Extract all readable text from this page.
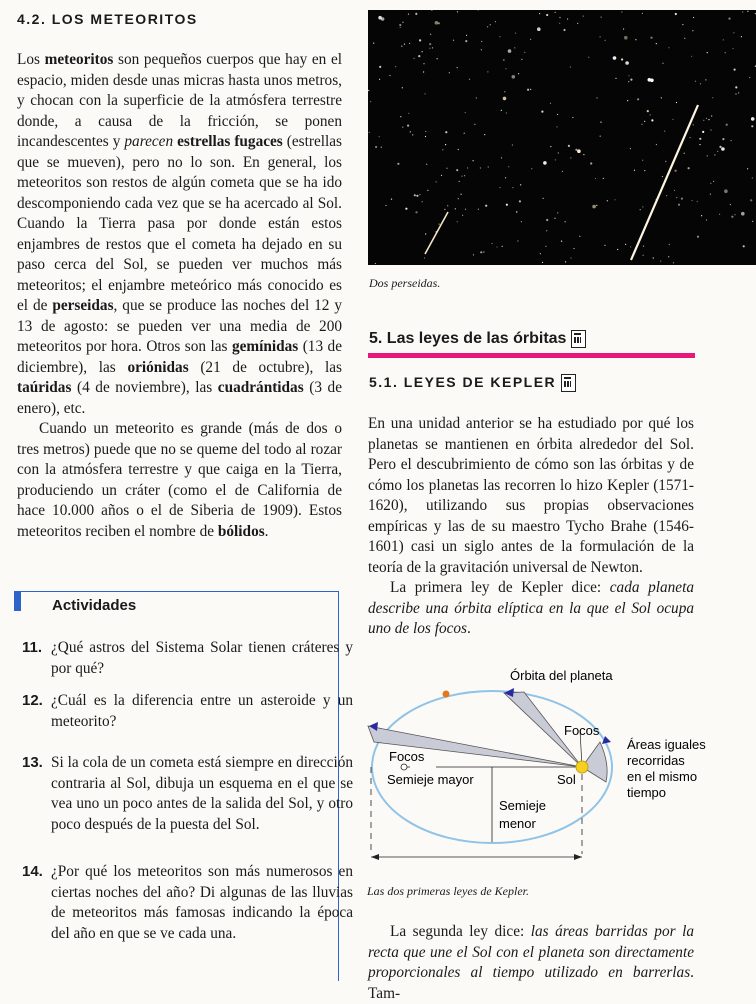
4.2. LOS METEORITOS

Los meteoritos son pequeños cuerpos que hay en el espacio, miden desde unas micras hasta unos metros, y chocan con la superficie de la atmósfera terrestre donde, a causa de la fricción, se ponen incandescentes y parecen estrellas fugaces (estrellas que se mueven), pero no lo son. En general, los meteoritos son restos de algún cometa que se ha ido descomponiendo cada vez que se ha acercado al Sol. Cuando la Tierra pasa por donde están estos enjambres de restos que el cometa ha dejado en su paso cerca del Sol, se pueden ver muchos más meteoritos; el enjambre meteórico más conocido es el de perseidas, que se produce las noches del 12 y 13 de agosto: se pueden ver una media de 200 meteoritos por hora. Otros son las gemínidas (13 de diciembre), las oriónidas (21 de octubre), las taúridas (4 de noviembre), las cuadrántidas (3 de enero), etc.

Cuando un meteorito es grande (más de dos o tres metros) puede que no se queme del todo al rozar con la atmósfera terrestre y que caiga en la Tierra, produciendo un cráter (como el de California de hace 10.000 años o el de Siberia de 1909). Estos meteoritos reciben el nombre de bólidos.

Actividades
11. ¿Qué astros del Sistema Solar tienen cráteres y por qué?
12. ¿Cuál es la diferencia entre un asteroide y un meteorito?
13. Si la cola de un cometa está siempre en dirección contraria al Sol, dibuja un esquema en el que se vea uno un poco antes de la salida del Sol, y otro poco después de la puesta del Sol.
14. ¿Por qué los meteoritos son más numerosos en ciertas noches del año? Di algunas de las lluvias de meteoritos más famosas indicando la época del año en que se ve cada una.
Dos perseidas.
5. Las leyes de las órbitas
5.1. LEYES DE KEPLER

En una unidad anterior se ha estudiado por qué los planetas se mantienen en órbita alrededor del Sol. Pero el descubrimiento de cómo son las órbitas y de cómo los planetas las recorren lo hizo Kepler (1571-1620), utilizando sus propias observaciones empíricas y las de su maestro Tycho Brahe (1546-1601) casi un siglo antes de la formulación de la teoría de la gravitación universal de Newton.

La primera ley de Kepler dice: cada planeta describe una órbita elíptica en la que el Sol ocupa uno de los focos.

Órbita del planeta
Focos
Focos
Semieje mayor	Sol
Semieje
menor
Áreas iguales
recorridas
en el mismo
tiempo
Las dos primeras leyes de Kepler.

La segunda ley dice: las áreas barridas por la recta que une el Sol con el planeta son directamente proporcionales al tiempo utilizado en barrerlas. Tam-
